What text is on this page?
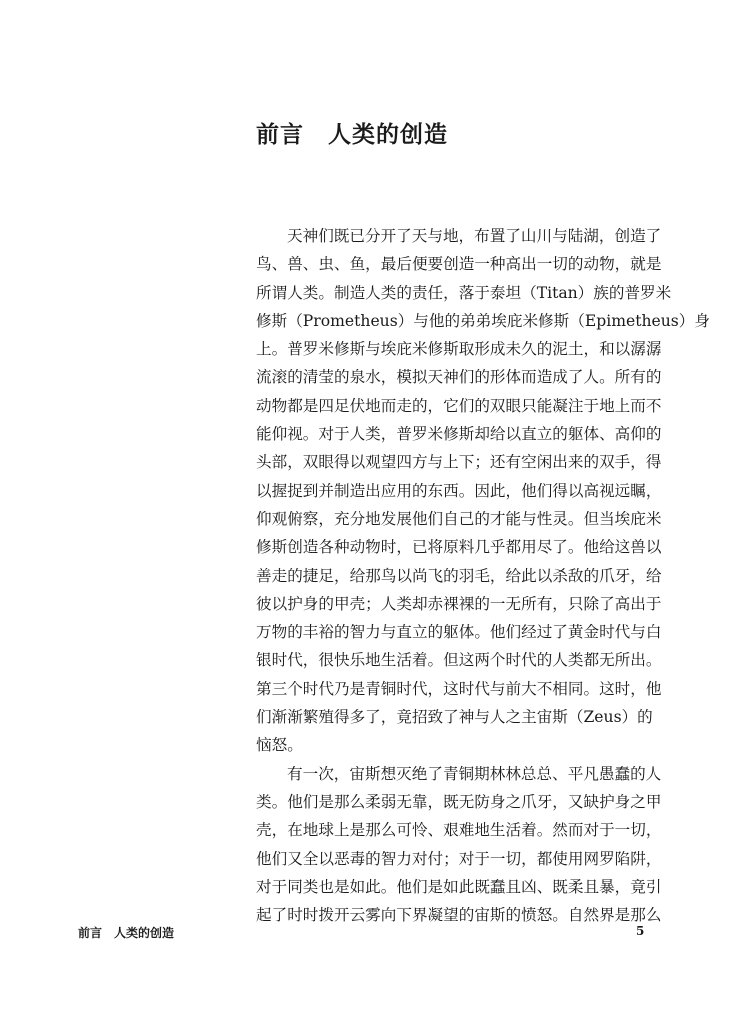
前言　人类的创造
天神们既已分开了天与地，布置了山川与陆湖，创造了
鸟、兽、虫、鱼，最后便要创造一种高出一切的动物，就是
所谓人类。制造人类的责任，落于泰坦（Titan）族的普罗米
修斯（Prometheus）与他的弟弟埃庇米修斯（Epimetheus）身
上。普罗米修斯与埃庇米修斯取形成未久的泥土，和以潺潺
流滚的清莹的泉水，模拟天神们的形体而造成了人。所有的
动物都是四足伏地而走的，它们的双眼只能凝注于地上而不
能仰视。对于人类，普罗米修斯却给以直立的躯体、高仰的
头部，双眼得以观望四方与上下；还有空闲出来的双手，得
以握捉到并制造出应用的东西。因此，他们得以高视远瞩，
仰观俯察，充分地发展他们自己的才能与性灵。但当埃庇米
修斯创造各种动物时，已将原料几乎都用尽了。他给这兽以
善走的捷足，给那鸟以尚飞的羽毛，给此以杀敌的爪牙，给
彼以护身的甲壳；人类却赤裸裸的一无所有，只除了高出于
万物的丰裕的智力与直立的躯体。他们经过了黄金时代与白
银时代，很快乐地生活着。但这两个时代的人类都无所出。
第三个时代乃是青铜时代，这时代与前大不相同。这时，他
们渐渐繁殖得多了，竟招致了神与人之主宙斯（Zeus）的
恼怒。
有一次，宙斯想灭绝了青铜期林林总总、平凡愚蠢的人
类。他们是那么柔弱无靠，既无防身之爪牙，又缺护身之甲
壳，在地球上是那么可怜、艰难地生活着。然而对于一切，
他们又全以恶毒的智力对付；对于一切，都使用网罗陷阱，
对于同类也是如此。他们是如此既蠢且凶、既柔且暴，竟引
起了时时拨开云雾向下界凝望的宙斯的愤怒。自然界是那么
前言　人类的创造	5
